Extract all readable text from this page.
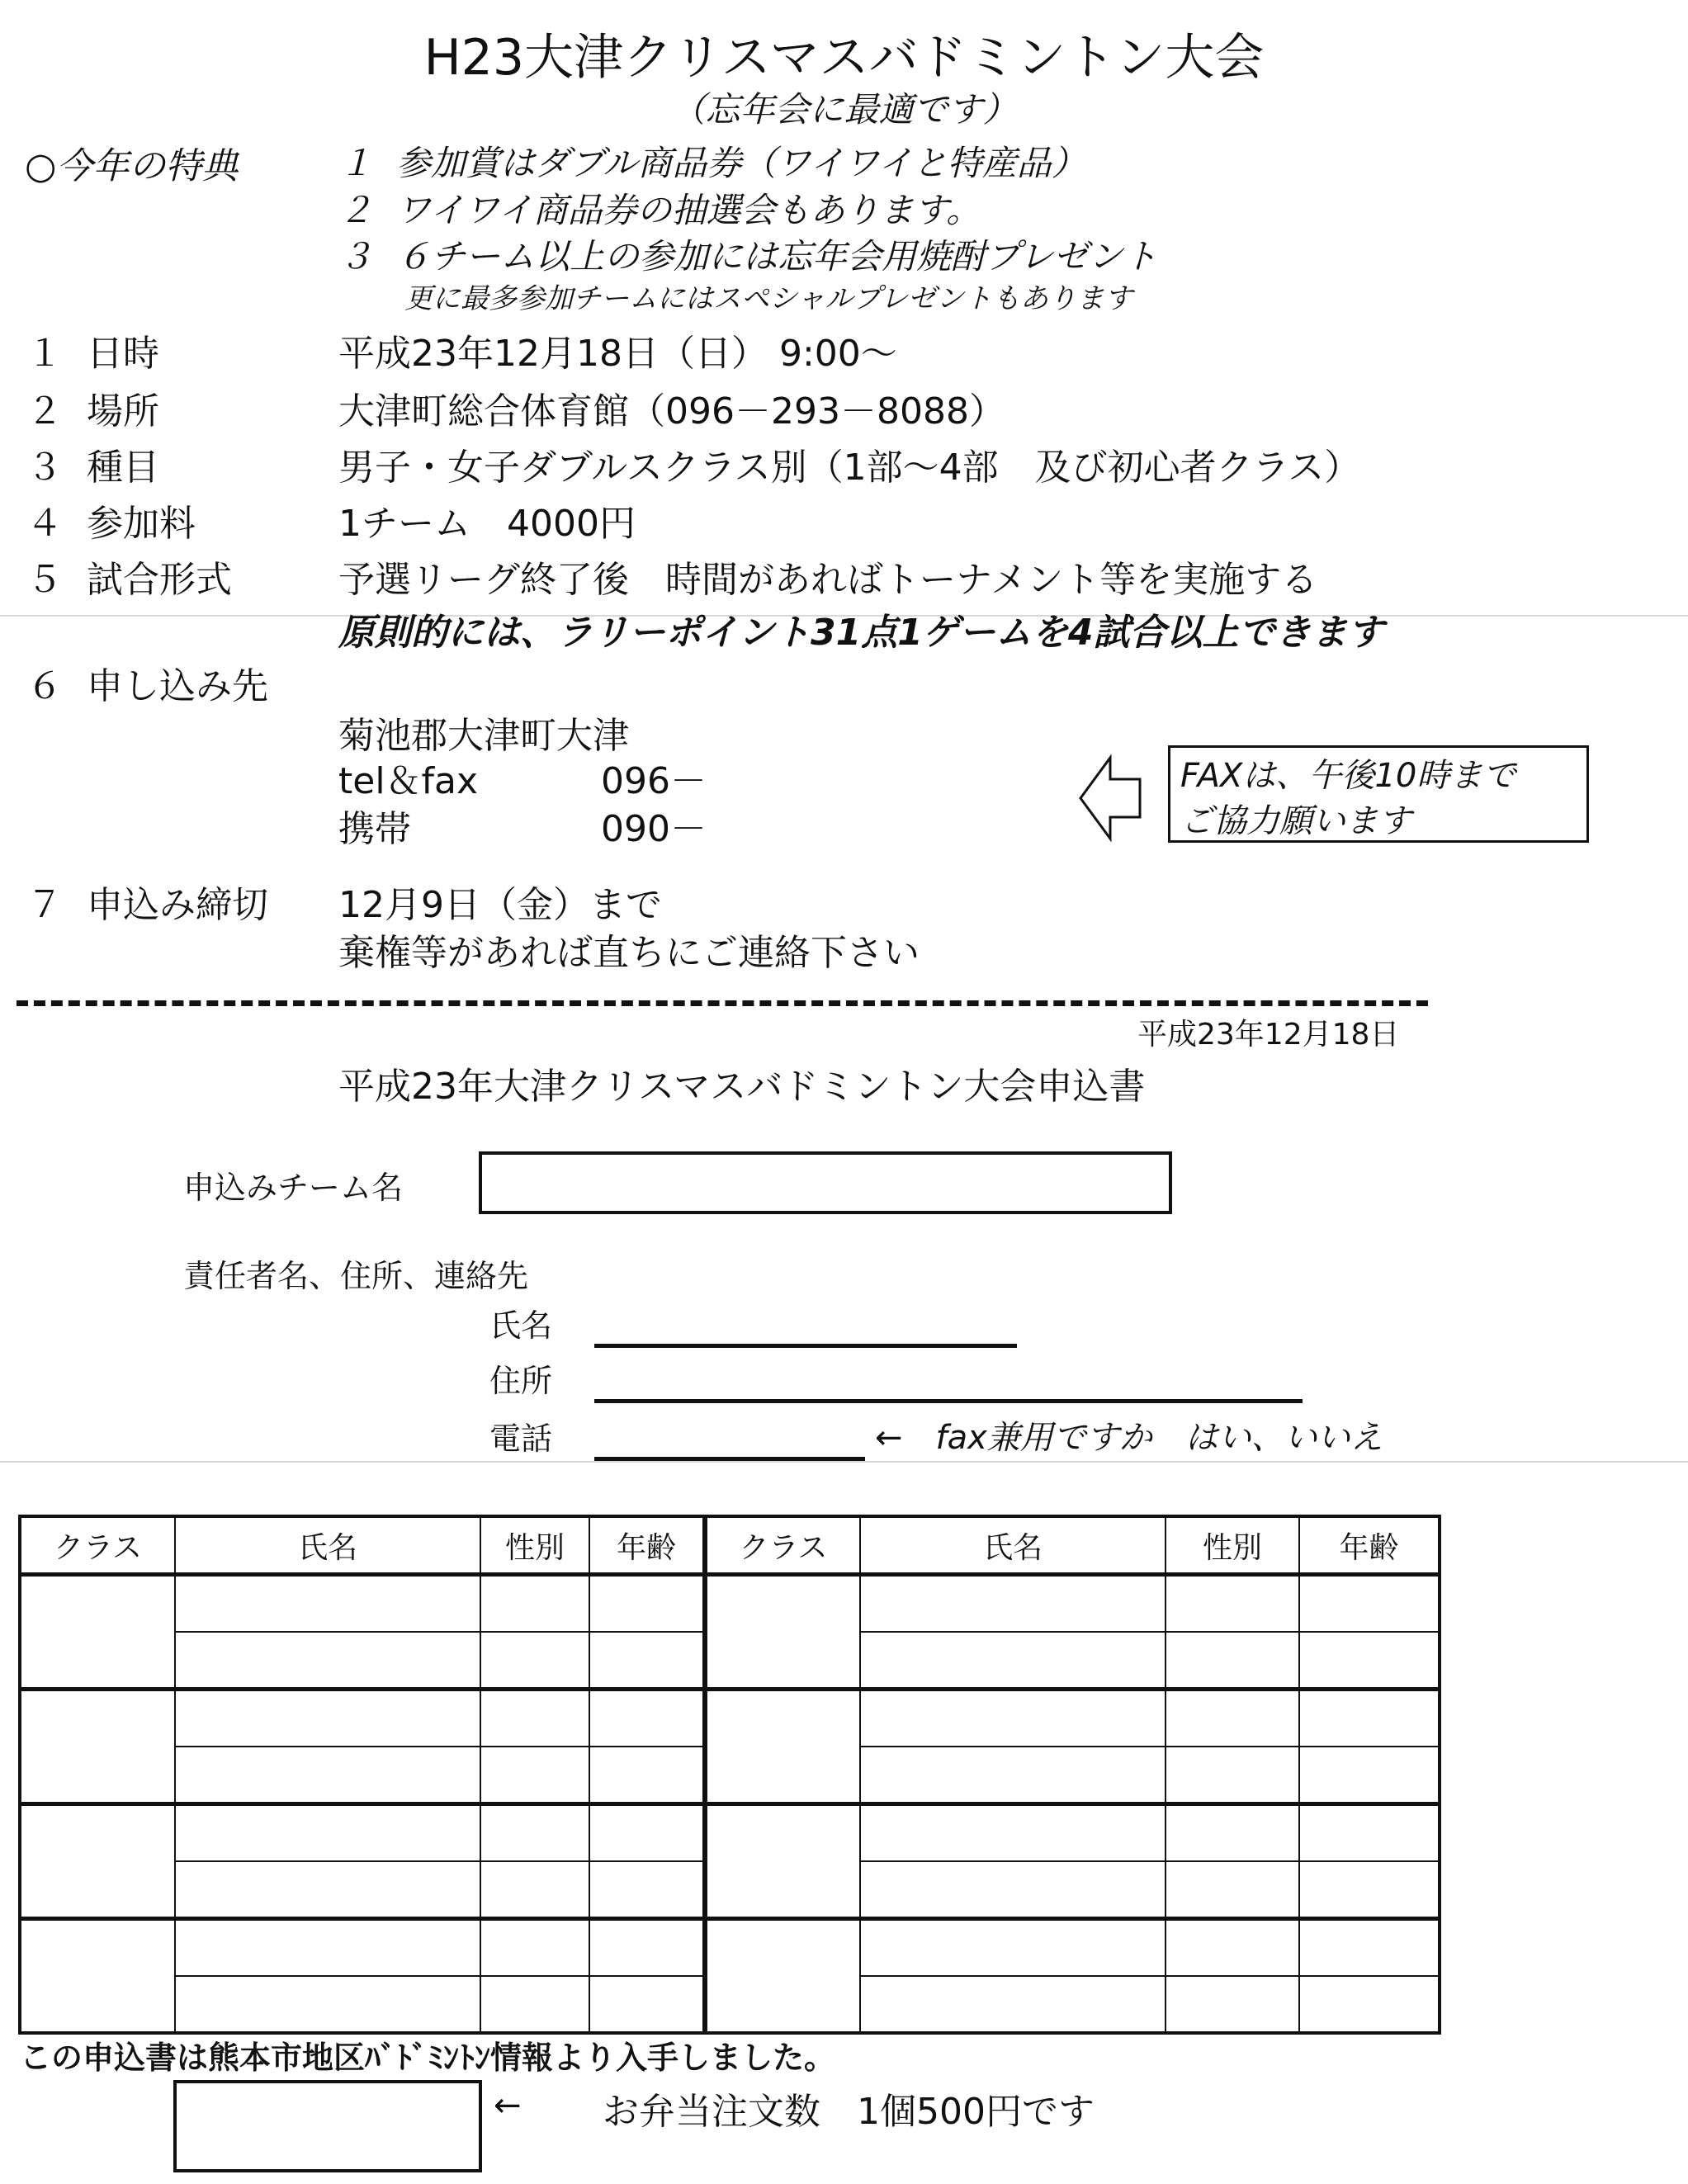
H23大津クリスマスバドミントン大会
（忘年会に最適です）
○今年の特典	１ 参加賞はダブル商品券（ワイワイと特産品）
２ ワイワイ商品券の抽選会もあります。
３ ６チーム以上の参加には忘年会用焼酎プレゼント
更に最多参加チームにはスペシャルプレゼントもあります
１ 日時	平成23年12月18日（日） 9:00～
２ 場所	大津町総合体育館（096－293－8088）
３ 種目	男子・女子ダブルスクラス別（1部～4部　及び初心者クラス）
４ 参加料	1チーム　4000円
５ 試合形式	予選リーグ終了後　時間があればトーナメント等を実施する
原則的には、ラリーポイント31点1ゲームを4試合以上できます
６ 申し込み先
菊池郡大津町大津
tel＆fax	096－
携帯	090－
FAXは、午後10時まで
ご協力願います
７ 申込み締切 12月9日（金）まで
棄権等があれば直ちにご連絡下さい
平成23年12月18日
平成23年大津クリスマスバドミントン大会申込書
申込みチーム名
責任者名、住所、連絡先
氏名
住所
電話	←　fax兼用ですか　はい、いいえ
クラス	氏名	性別	年齢	クラス	氏名	性別	年齢

この申込書は熊本市地区ﾊﾞﾄﾞﾐﾝﾄﾝ情報より入手しました。
← お弁当注文数　1個500円です
